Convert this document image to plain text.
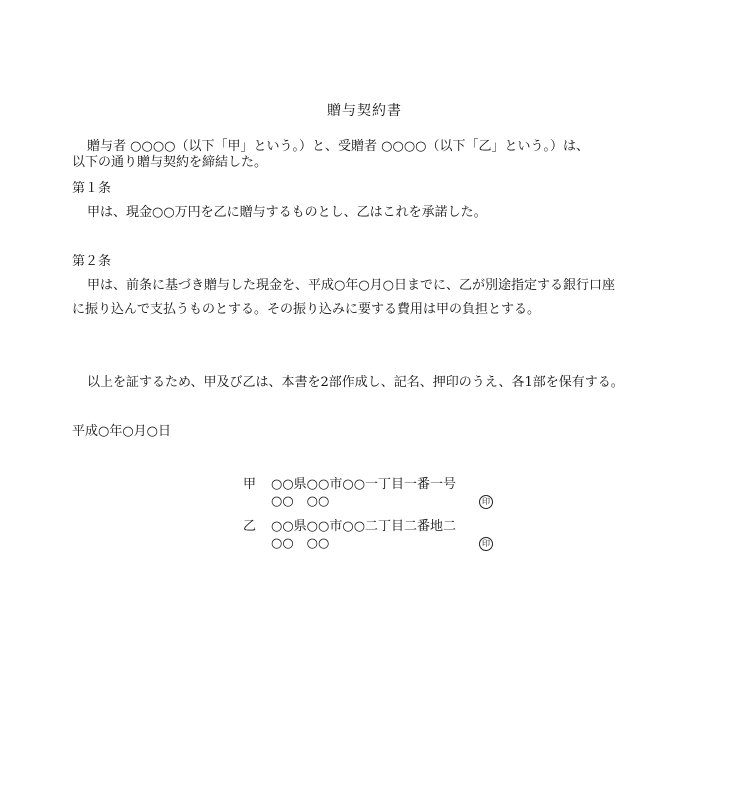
贈与契約書
贈与者 ○○○○（以下「甲」という。）と、受贈者 ○○○○（以下「乙」という。）は、
以下の通り贈与契約を締結した。
第１条
甲は、現金○○万円を乙に贈与するものとし、乙はこれを承諾した。
第２条
甲は、前条に基づき贈与した現金を、平成○年○月○日までに、乙が別途指定する銀行口座
に振り込んで支払うものとする。その振り込みに要する費用は甲の負担とする。
以上を証するため、甲及び乙は、本書を2部作成し、記名、押印のうえ、各1部を保有する。
平成○年○月○日
甲	○○県○○市○○一丁目一番一号
○○　○○	印
乙	○○県○○市○○二丁目二番地二
○○　○○	印
